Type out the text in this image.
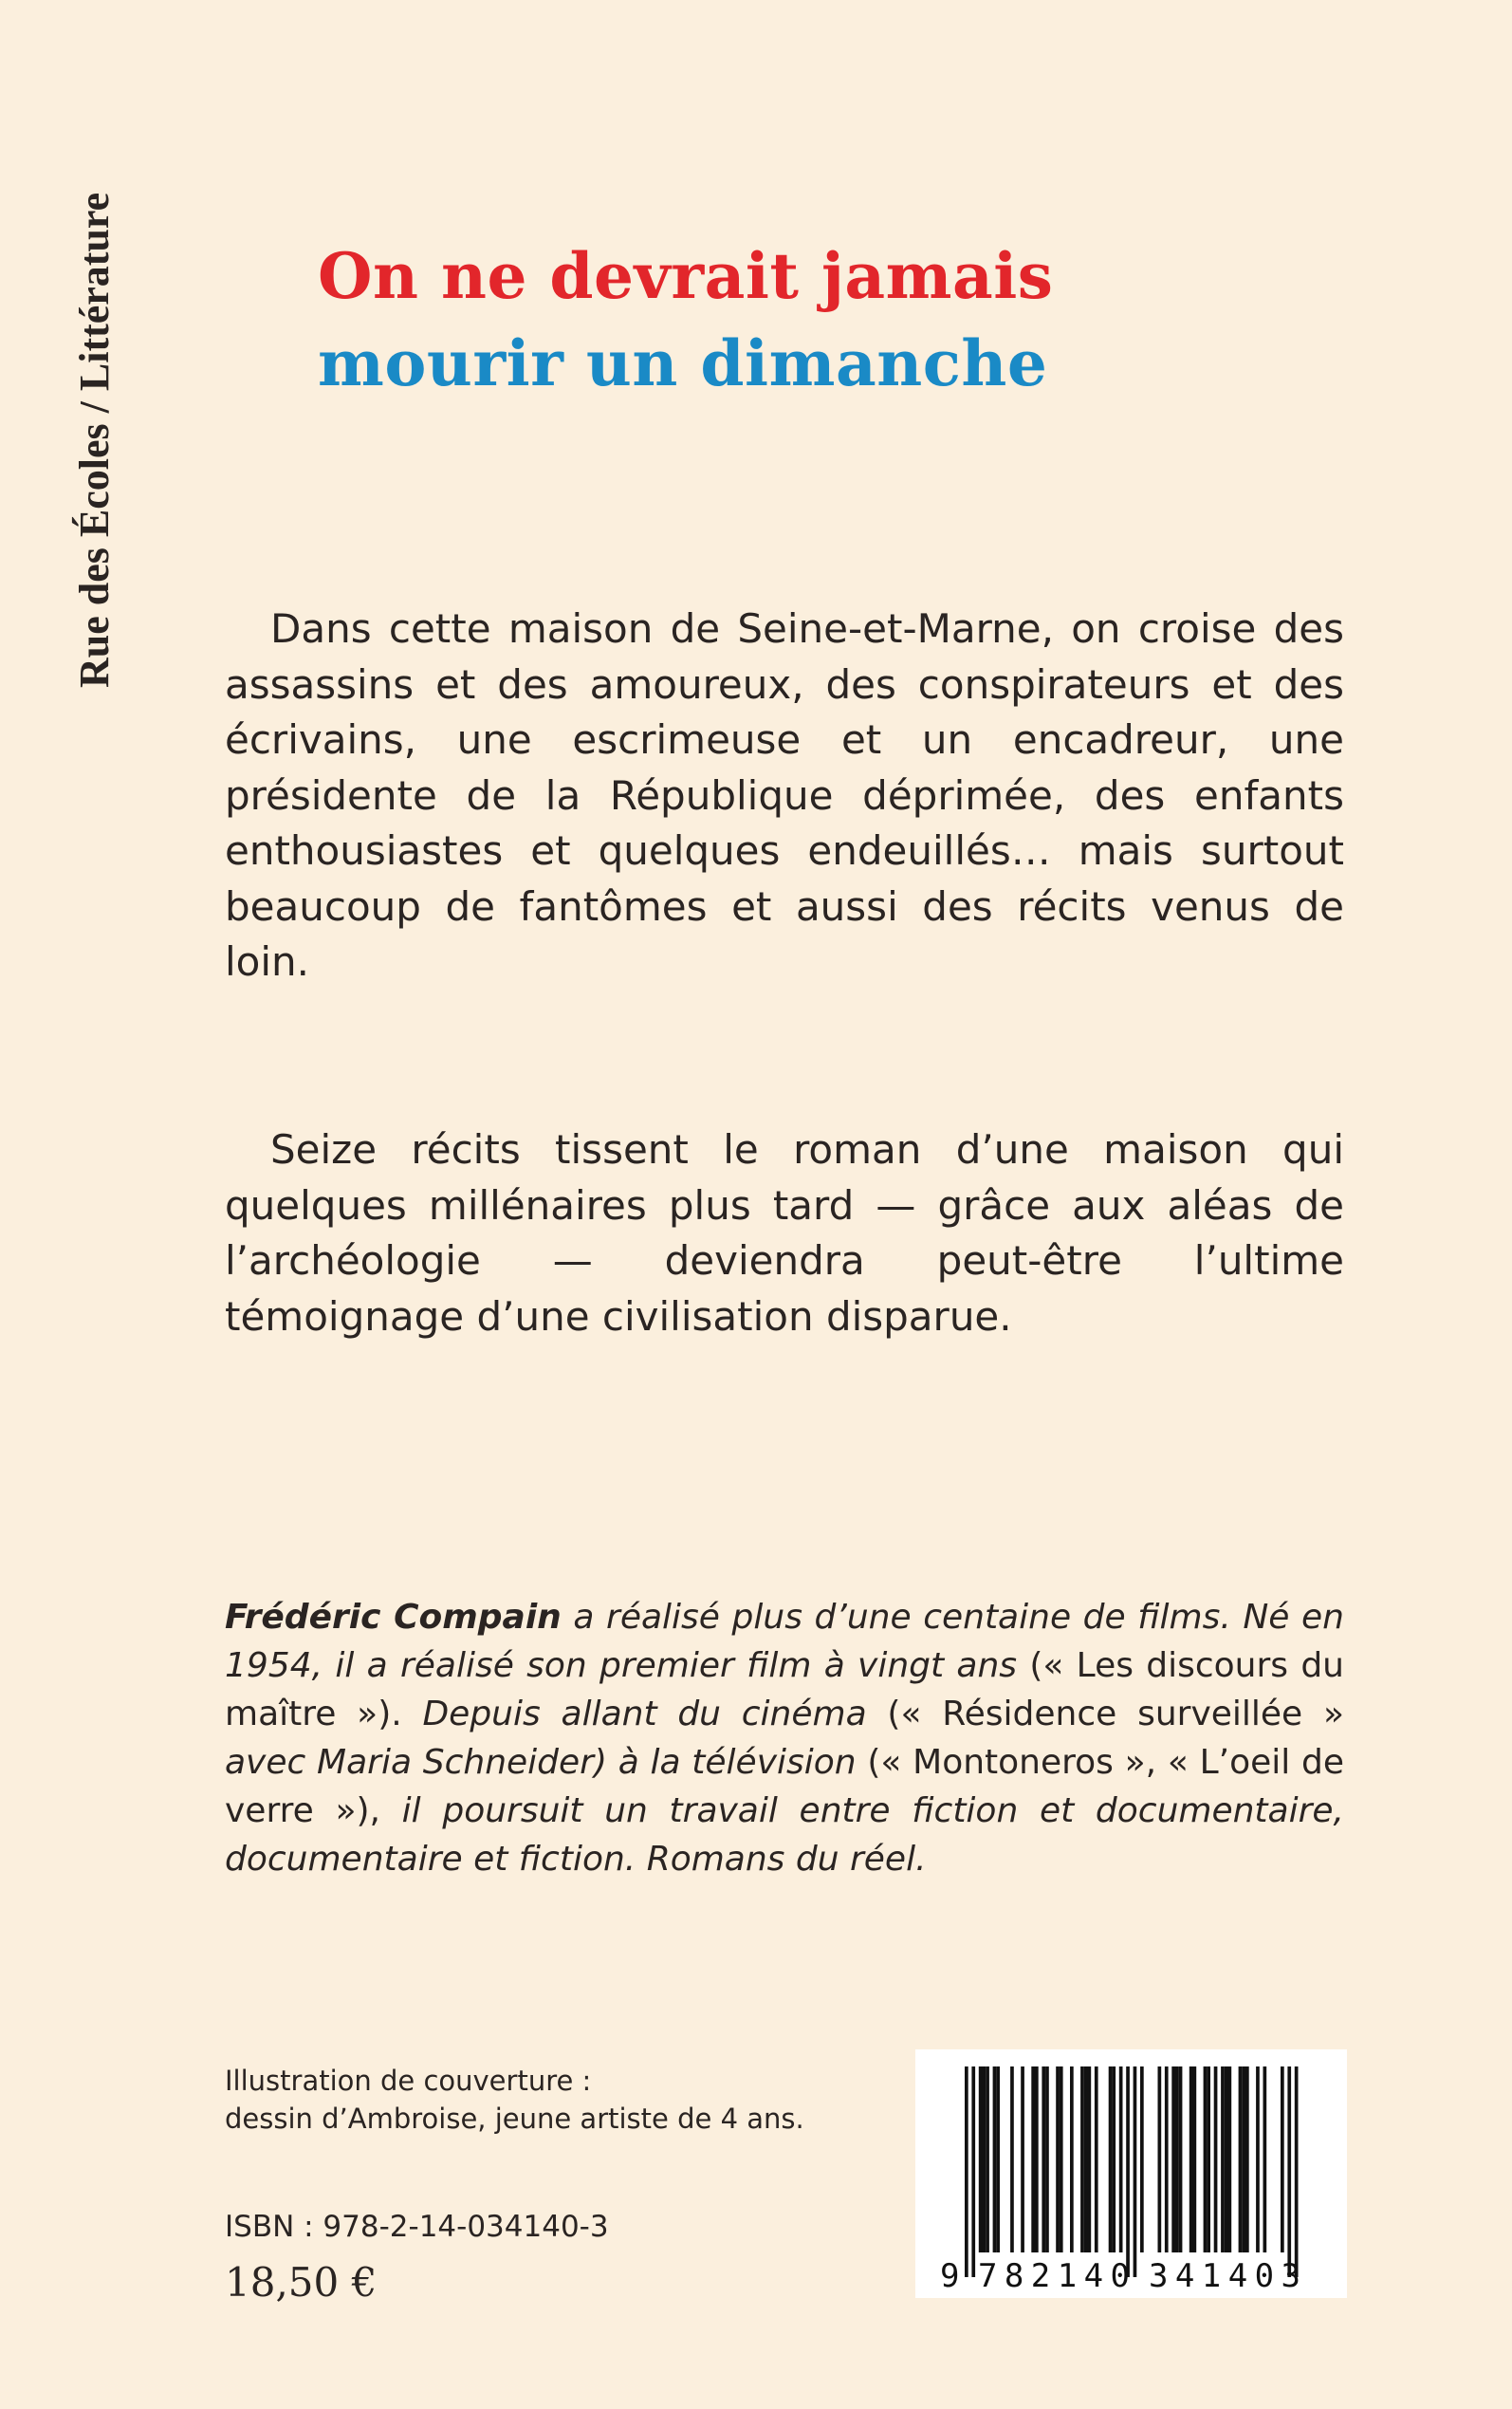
Rue des Écoles / Littérature	On ne devrait jamais
mourir un dimanche

Dans cette maison de Seine-et-Marne, on croise des assassins et des amoureux, des conspirateurs et des écrivains, une escrimeuse et un encadreur, une présidente de la République déprimée, des enfants enthousiastes et quelques endeuillés… mais surtout beaucoup de fantômes et aussi des récits venus de loin.

Seize récits tissent le roman d’une maison qui quelques millénaires plus tard — grâce aux aléas de l’archéologie — deviendra peut-être l’ultime témoignage d’une civilisation disparue.

Frédéric Compain a réalisé plus d’une centaine de films. Né en 1954, il a réalisé son premier film à vingt ans (« Les discours du maître »). Depuis allant du cinéma (« Résidence surveillée » avec Maria Schneider) à la télévision (« Montoneros », « L’oeil de verre »), il poursuit un travail entre fiction et documentaire, documentaire et fiction. Romans du réel.

Illustration de couverture :
dessin d’Ambroise, jeune artiste de 4 ans.
ISBN : 978-2-14-034140-3
18,50 €	9 782140 341403
